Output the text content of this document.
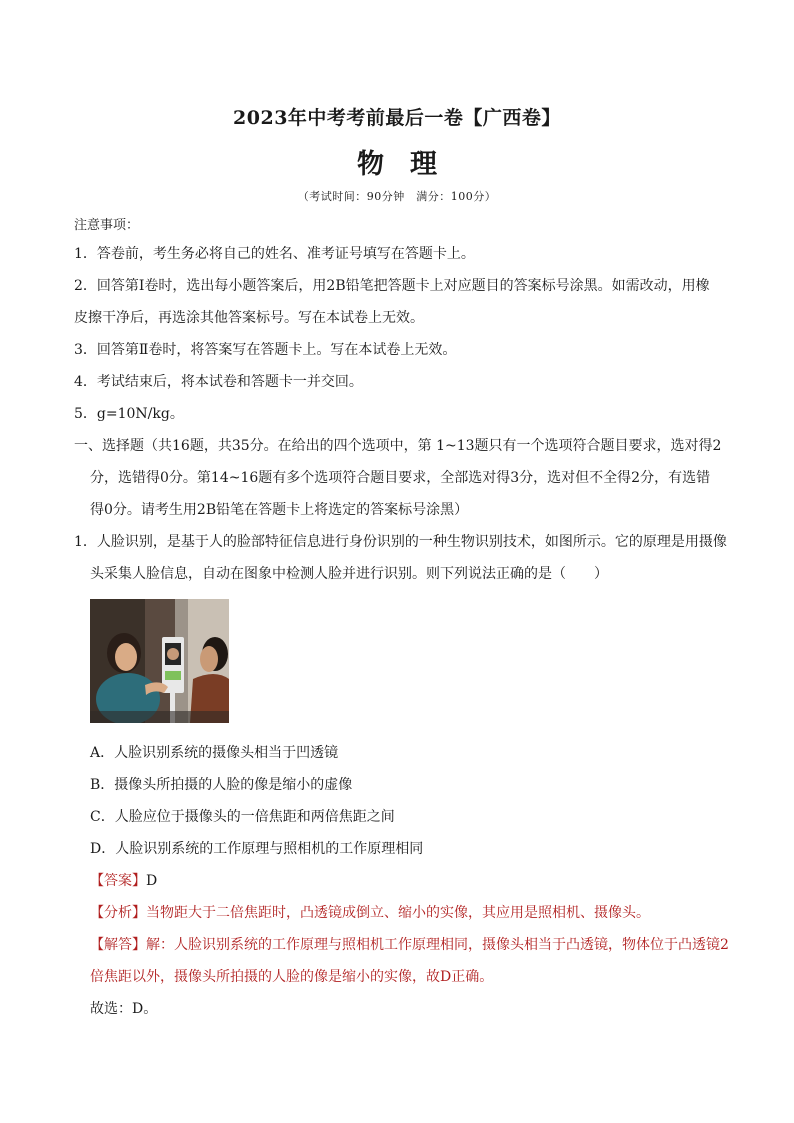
2023年中考考前最后一卷【广西卷】
物理
（考试时间：90分钟　满分：100分）
注意事项：
1．答卷前，考生务必将自己的姓名、准考证号填写在答题卡上。
2．回答第Ⅰ卷时，选出每小题答案后，用2B铅笔把答题卡上对应题目的答案标号涂黑。如需改动，用橡
皮擦干净后，再选涂其他答案标号。写在本试卷上无效。
3．回答第Ⅱ卷时，将答案写在答题卡上。写在本试卷上无效。
4．考试结束后，将本试卷和答题卡一并交回。
5．g=10N/kg。
一、选择题（共16题，共35分。在给出的四个选项中，第 1~13题只有一个选项符合题目要求，选对得2
分，选错得0分。第14~16题有多个选项符合题目要求，全部选对得3分，选对但不全得2分，有选错
得0分。请考生用2B铅笔在答题卡上将选定的答案标号涂黑）
1．人脸识别，是基于人的脸部特征信息进行身份识别的一种生物识别技术，如图所示。它的原理是用摄像
头采集人脸信息，自动在图象中检测人脸并进行识别。则下列说法正确的是（　　）
A．人脸识别系统的摄像头相当于凹透镜
B．摄像头所拍摄的人脸的像是缩小的虚像
C．人脸应位于摄像头的一倍焦距和两倍焦距之间
D．人脸识别系统的工作原理与照相机的工作原理相同
【答案】D
【分析】当物距大于二倍焦距时，凸透镜成倒立、缩小的实像，其应用是照相机、摄像头。
【解答】解：人脸识别系统的工作原理与照相机工作原理相同，摄像头相当于凸透镜，物体位于凸透镜2
倍焦距以外，摄像头所拍摄的人脸的像是缩小的实像，故D正确。
故选：D。
